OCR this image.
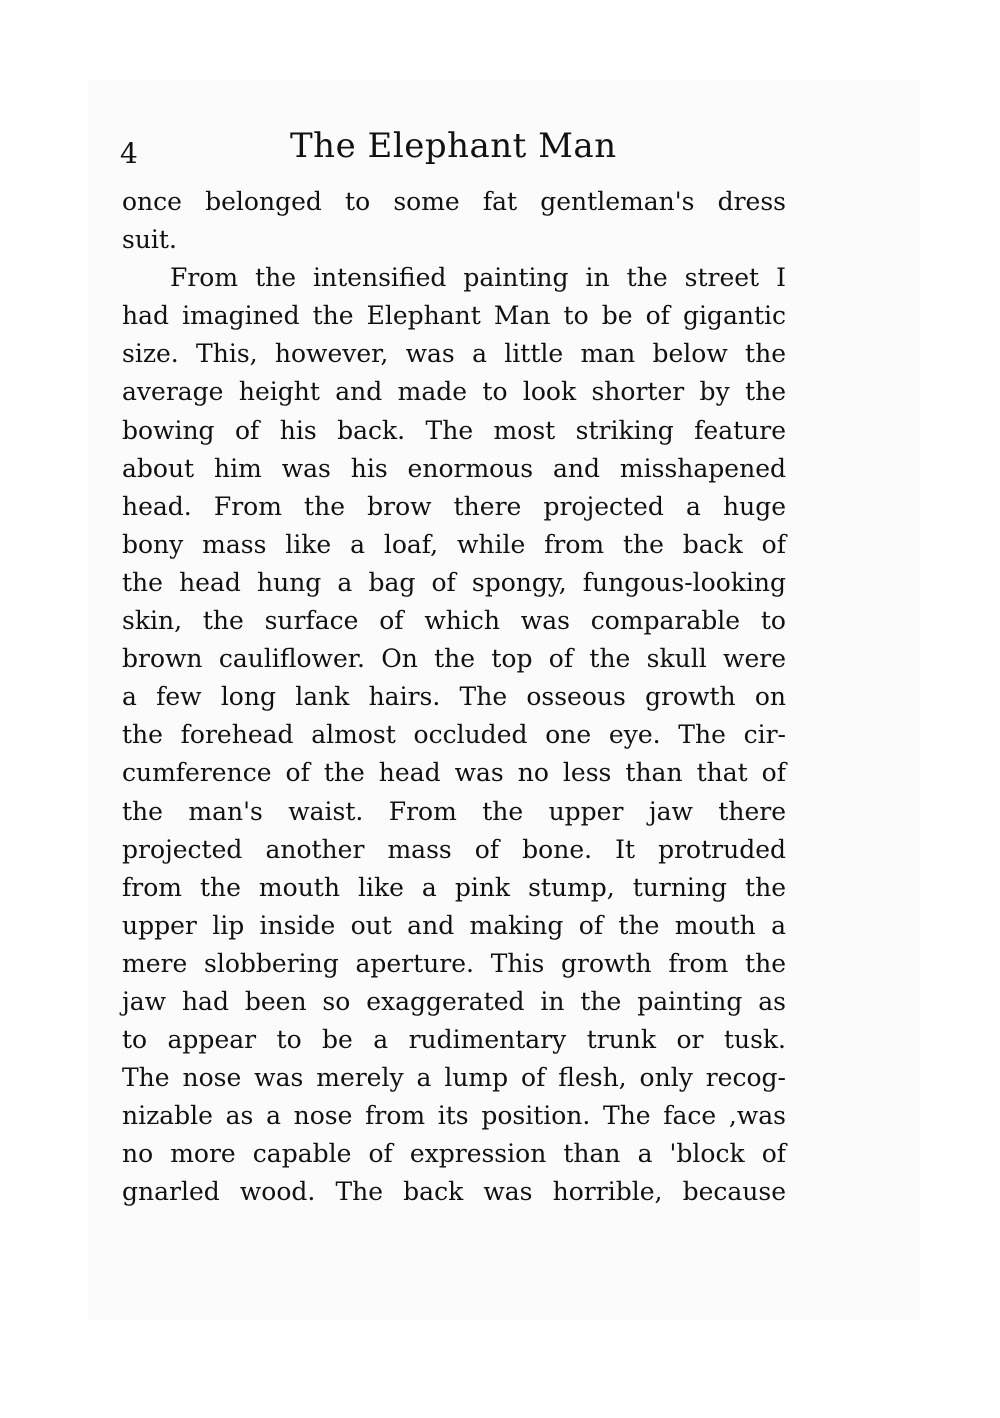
4	The Elephant Man
once belonged to some fat gentleman's dress
suit.
From the intensified painting in the street I
had imagined the Elephant Man to be of gigantic
size. This, however, was a little man below the
average height and made to look shorter by the
bowing of his back. The most striking feature
about him was his enormous and misshapened
head. From the brow there projected a huge
bony mass like a loaf, while from the back of
the head hung a bag of spongy, fungous-looking
skin, the surface of which was comparable to
brown cauliflower. On the top of the skull were
a few long lank hairs. The osseous growth on
the forehead almost occluded one eye. The cir-
cumference of the head was no less than that of
the man's waist. From the upper jaw there
projected another mass of bone. It protruded
from the mouth like a pink stump, turning the
upper lip inside out and making of the mouth a
mere slobbering aperture. This growth from the
jaw had been so exaggerated in the painting as
to appear to be a rudimentary trunk or tusk.
The nose was merely a lump of flesh, only recog-
nizable as a nose from its position. The face ,was
no more capable of expression than a 'block of
gnarled wood. The back was horrible, because
